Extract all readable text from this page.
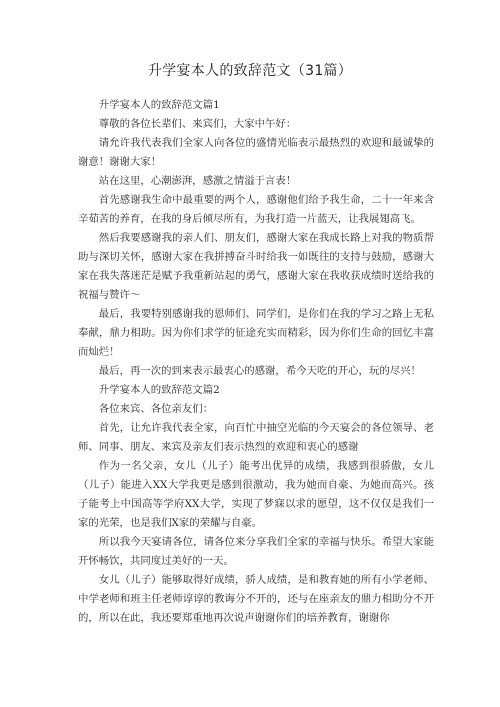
升学宴本人的致辞范文（31篇）

升学宴本人的致辞范文篇1

尊敬的各位长辈们、来宾们，大家中午好：

请允许我代表我们全家人向各位的盛情光临表示最热烈的欢迎和最诚挚的谢意！谢谢大家！

站在这里，心潮澎湃，感激之情溢于言表！

首先感谢我生命中最重要的两个人，感谢他们给予我生命，二十一年来含辛茹苦的养育，在我的身后倾尽所有，为我打造一片蓝天，让我展翅高飞。

然后我要感谢我的亲人们、朋友们，感谢大家在我成长路上对我的物质帮助与深切关怀，感谢大家在我拼搏奋斗时给我一如既往的支持与鼓励，感谢大家在我失落迷茫是赋予我重新站起的勇气，感谢大家在我收获成绩时送给我的祝福与赞许～

最后，我要特别感谢我的恩师们、同学们，是你们在我的学习之路上无私奉献，鼎力相助。因为你们求学的征途充实而精彩，因为你们生命的回忆丰富而灿烂！

最后，再一次的到来表示最衷心的感谢，希今天吃的开心，玩的尽兴！

升学宴本人的致辞范文篇2

各位来宾、各位亲友们：

首先，让允许我代表全家，向百忙中抽空光临的今天宴会的各位领导、老师、同事、朋友、来宾及亲友们表示热烈的欢迎和衷心的感谢

作为一名父亲，女儿（儿子）能考出优异的成绩，我感到很骄傲，女儿（儿子）能进入XX大学我更是感到很激动，我为她而自豪、为她而高兴。孩子能考上中国高等学府XX大学，实现了梦寐以求的愿望，这不仅仅是我们一家的光荣，也是我们X家的荣耀与自豪。

所以我今天宴请各位，请各位来分享我们全家的幸福与快乐。希望大家能开怀畅饮，共同度过美好的一天。

女儿（儿子）能够取得好成绩，骄人成绩，是和教育她的所有小学老师、中学老师和班主任老师谆谆的教诲分不开的，还与在座亲友的鼎力相助分不开的，所以在此，我还要郑重地再次说声谢谢你们的培养教育，谢谢你
